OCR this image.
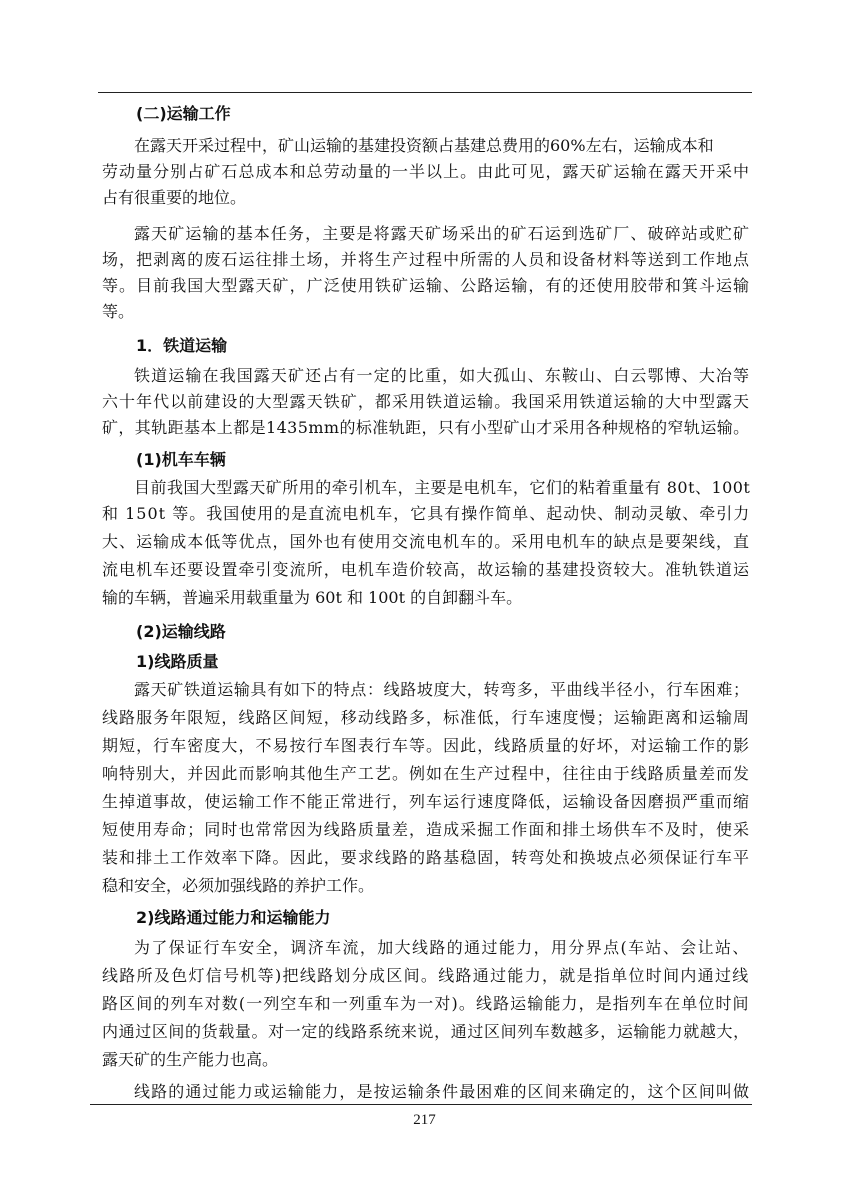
(二)运输工作
在露天开采过程中，矿山运输的基建投资额占基建总费用的60%左右，运输成本和
劳动量分别占矿石总成本和总劳动量的一半以上。由此可见，露天矿运输在露天开采中
占有很重要的地位。
露天矿运输的基本任务，主要是将露天矿场采出的矿石运到选矿厂、破碎站或贮矿
场，把剥离的废石运往排土场，并将生产过程中所需的人员和设备材料等送到工作地点
等。目前我国大型露天矿，广泛使用铁矿运输、公路运输，有的还使用胶带和箕斗运输
等。
1．铁道运输
铁道运输在我国露天矿还占有一定的比重，如大孤山、东鞍山、白云鄂博、大冶等
六十年代以前建设的大型露天铁矿，都采用铁道运输。我国采用铁道运输的大中型露天
矿，其轨距基本上都是1435mm的标准轨距，只有小型矿山才采用各种规格的窄轨运输。
(1)机车车辆
目前我国大型露天矿所用的牵引机车，主要是电机车，它们的粘着重量有 80t、100t
和 150t 等。我国使用的是直流电机车，它具有操作简单、起动快、制动灵敏、牵引力
大、运输成本低等优点，国外也有使用交流电机车的。采用电机车的缺点是要架线，直
流电机车还要设置牵引变流所，电机车造价较高，故运输的基建投资较大。准轨铁道运
输的车辆，普遍采用载重量为 60t 和 100t 的自卸翻斗车。
(2)运输线路
1)线路质量
露天矿铁道运输具有如下的特点：线路坡度大，转弯多，平曲线半径小，行车困难；
线路服务年限短，线路区间短，移动线路多，标准低，行车速度慢；运输距离和运输周
期短，行车密度大，不易按行车图表行车等。因此，线路质量的好坏，对运输工作的影
响特别大，并因此而影响其他生产工艺。例如在生产过程中，往往由于线路质量差而发
生掉道事故，使运输工作不能正常进行，列车运行速度降低，运输设备因磨损严重而缩
短使用寿命；同时也常常因为线路质量差，造成采掘工作面和排土场供车不及时，使采
装和排土工作效率下降。因此，要求线路的路基稳固，转弯处和换坡点必须保证行车平
稳和安全，必须加强线路的养护工作。
2)线路通过能力和运输能力
为了保证行车安全，调济车流，加大线路的通过能力，用分界点(车站、会让站、
线路所及色灯信号机等)把线路划分成区间。线路通过能力，就是指单位时间内通过线
路区间的列车对数(一列空车和一列重车为一对)。线路运输能力，是指列车在单位时间
内通过区间的货载量。对一定的线路系统来说，通过区间列车数越多，运输能力就越大，
露天矿的生产能力也高。
线路的通过能力或运输能力，是按运输条件最困难的区间来确定的，这个区间叫做
217
